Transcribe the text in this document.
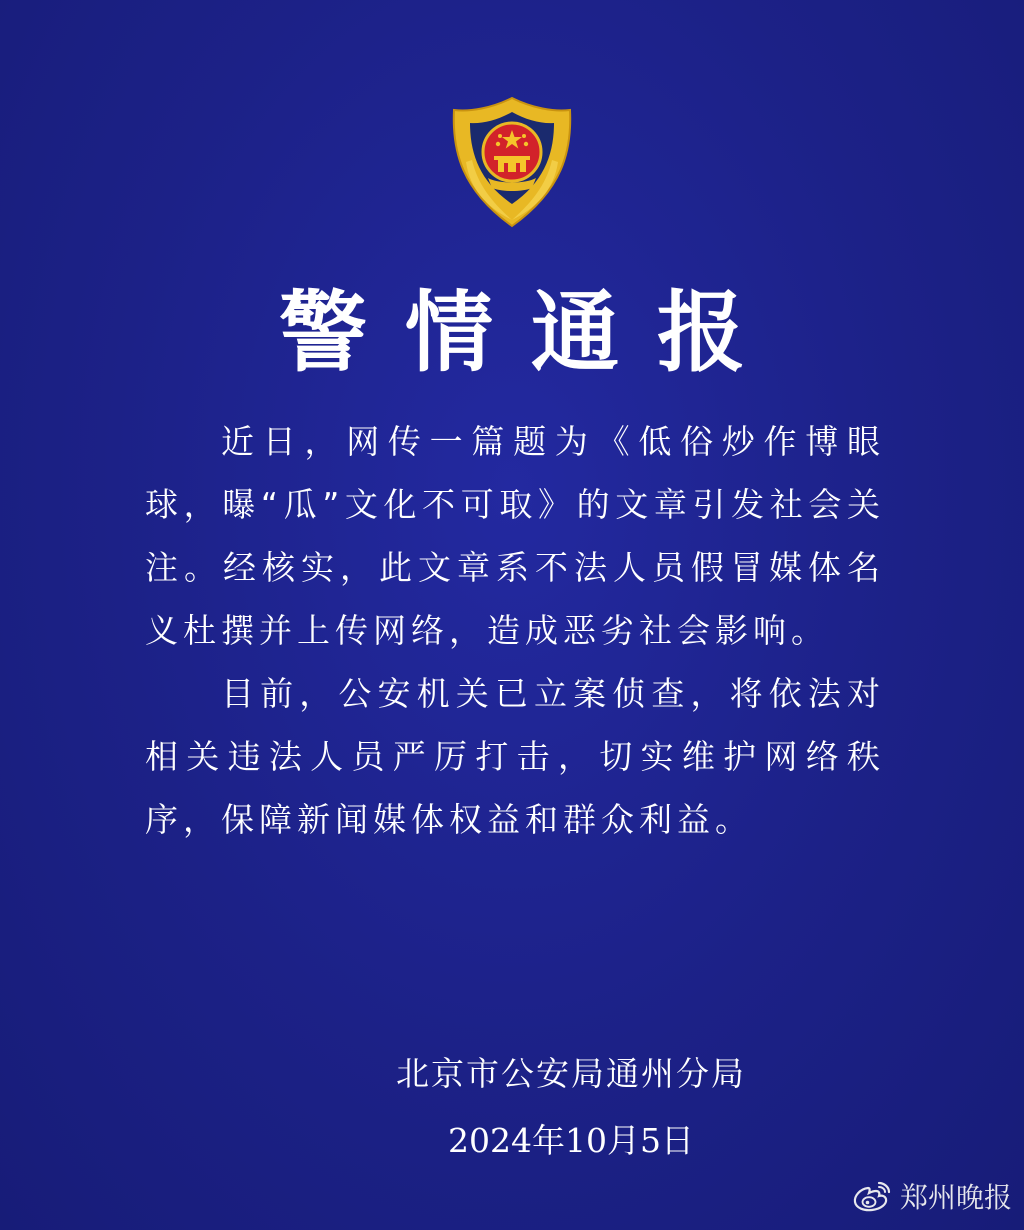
警情通报

近日，网传一篇题为《低俗炒作博眼球，曝“瓜”文化不可取》的文章引发社会关注。经核实，此文章系不法人员假冒媒体名义杜撰并上传网络，造成恶劣社会影响。

目前，公安机关已立案侦查，将依法对相关违法人员严厉打击，切实维护网络秩序，保障新闻媒体权益和群众利益。

北京市公安局通州分局
2024年10月5日
郑州晚报
